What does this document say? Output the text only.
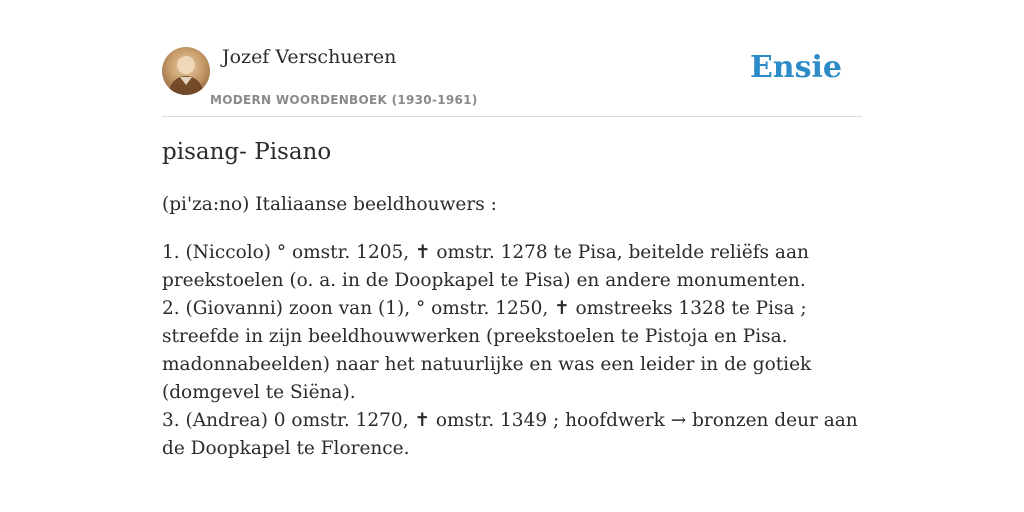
Jozef Verschueren
MODERN WOORDENBOEK (1930-1961)
Ensie
pisang- Pisano

(pi'za:no) Italiaanse beeldhouwers :

1. (Niccolo) ° omstr. 1205, ✝ omstr. 1278 te Pisa, beitelde reliëfs aan preekstoelen (o. a. in de Doopkapel te Pisa) en andere monumenten.

2. (Giovanni) zoon van (1), ° omstr. 1250, ✝ omstreeks 1328 te Pisa ; streefde in zijn beeldhouwwerken (preekstoelen te Pistoja en Pisa. madonnabeelden) naar het natuurlijke en was een leider in de gotiek (domgevel te Siëna).

3. (Andrea) 0 omstr. 1270, ✝ omstr. 1349 ; hoofdwerk → bronzen deur aan de Doopkapel te Florence.
